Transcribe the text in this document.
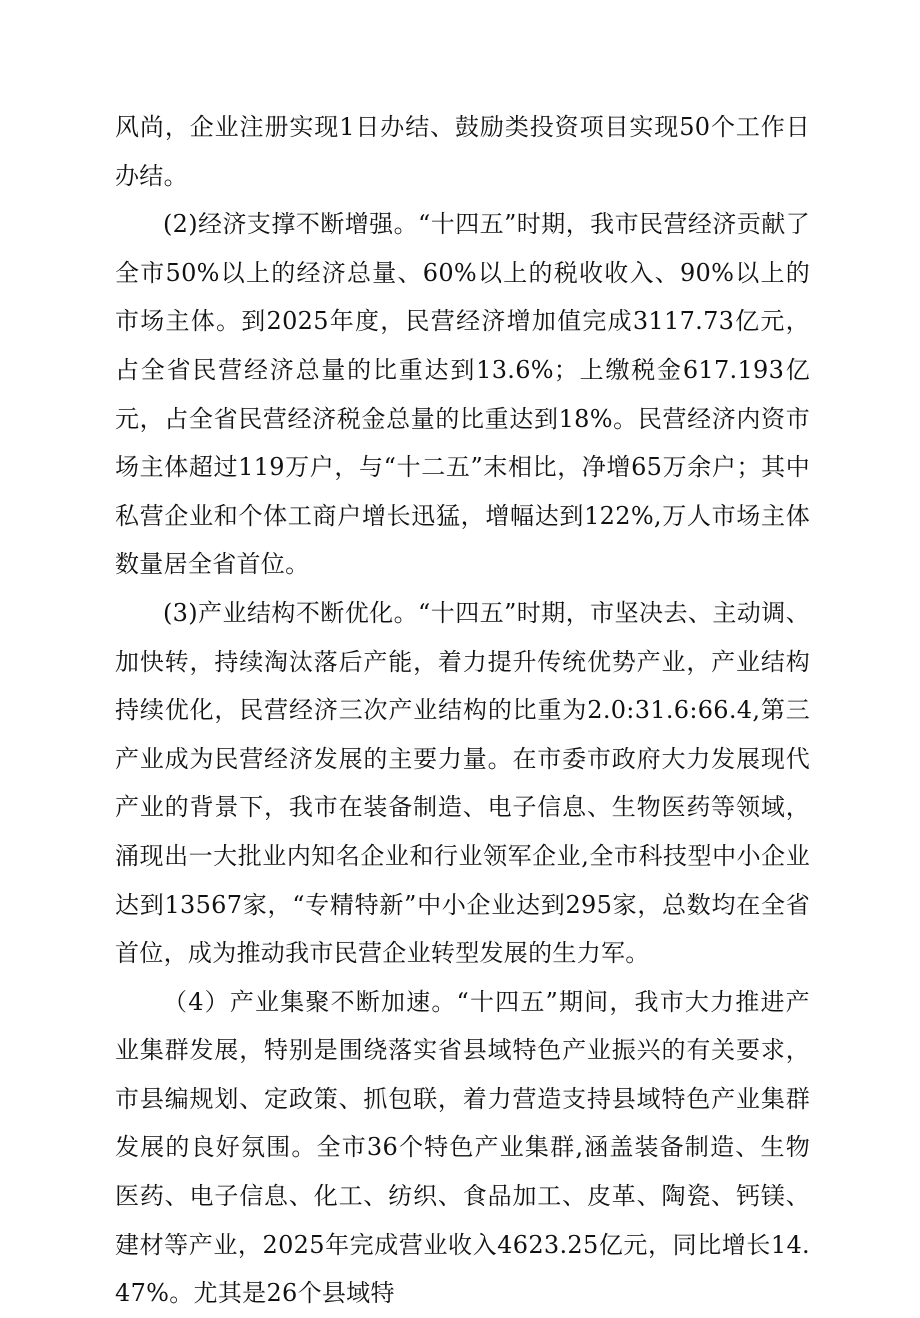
风尚，企业注册实现1日办结、鼓励类投资项目实现50个工作日办结。

(2)经济支撑不断增强。“十四五”时期，我市民营经济贡献了全市50%以上的经济总量、60%以上的税收收入、90%以上的市场主体。到2025年度，民营经济增加值完成3117.73亿元，占全省民营经济总量的比重达到13.6%；上缴税金617.193亿元，占全省民营经济税金总量的比重达到18%。民营经济内资市场主体超过119万户，与“十二五”末相比，净增65万余户；其中私营企业和个体工商户增长迅猛，增幅达到122%,万人市场主体数量居全省首位。

(3)产业结构不断优化。“十四五”时期，市坚决去、主动调、加快转，持续淘汰落后产能，着力提升传统优势产业，产业结构持续优化，民营经济三次产业结构的比重为2.0:31.6:66.4,第三产业成为民营经济发展的主要力量。在市委市政府大力发展现代产业的背景下，我市在装备制造、电子信息、生物医药等领域，涌现出一大批业内知名企业和行业领军企业,全市科技型中小企业达到13567家，“专精特新”中小企业达到295家，总数均在全省首位，成为推动我市民营企业转型发展的生力军。

（4）产业集聚不断加速。“十四五”期间，我市大力推进产业集群发展，特别是围绕落实省县域特色产业振兴的有关要求，市县编规划、定政策、抓包联，着力营造支持县域特色产业集群发展的良好氛围。全市36个特色产业集群,涵盖装备制造、生物医药、电子信息、化工、纺织、食品加工、皮革、陶瓷、钙镁、建材等产业，2025年完成营业收入4623.25亿元，同比增长14.47%。尤其是26个县域特
